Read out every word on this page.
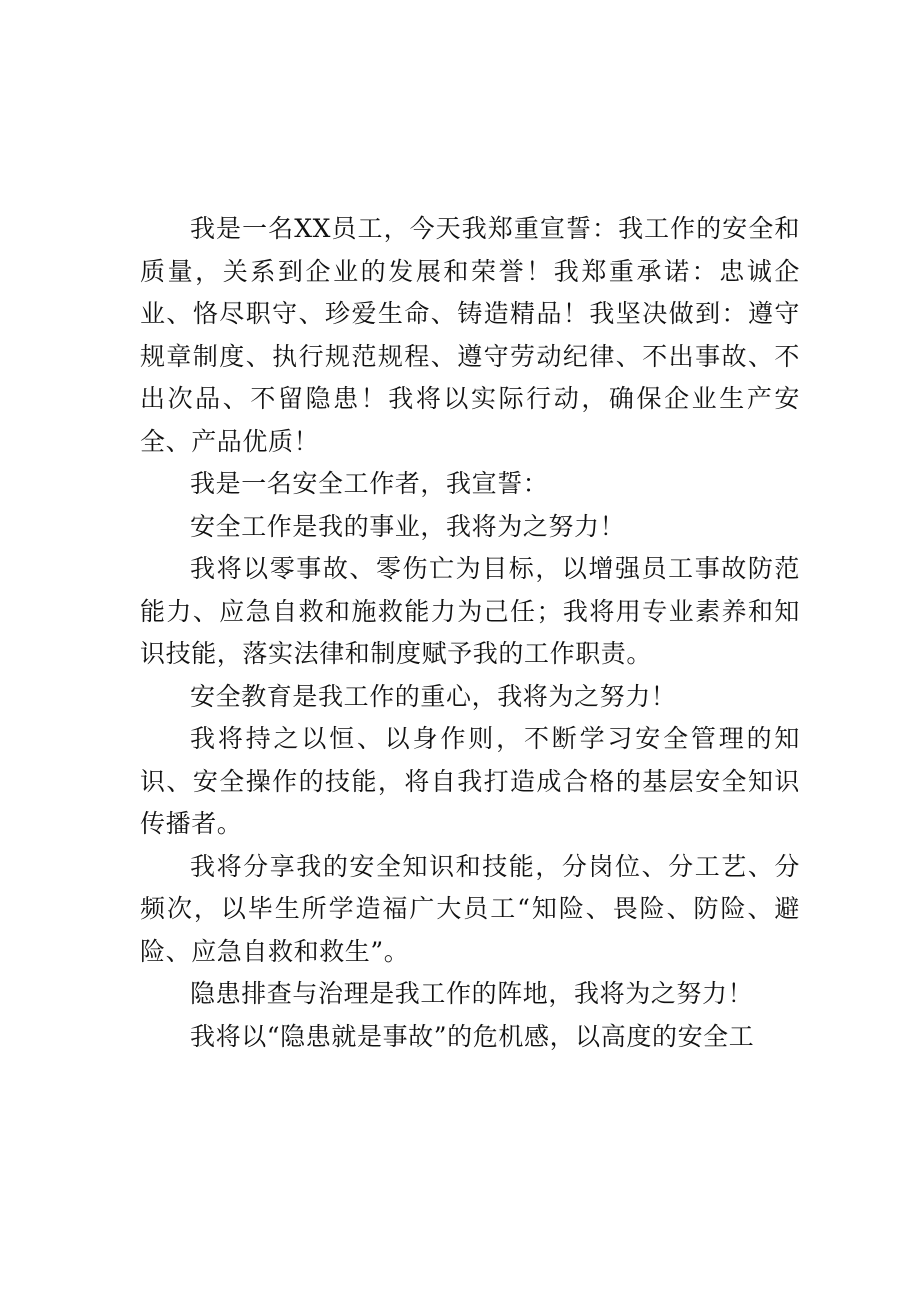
我是一名XX员工，今天我郑重宣誓：我工作的安全和质量，关系到企业的发展和荣誉！我郑重承诺：忠诚企业、恪尽职守、珍爱生命、铸造精品！我坚决做到：遵守规章制度、执行规范规程、遵守劳动纪律、不出事故、不出次品、不留隐患！我将以实际行动，确保企业生产安全、产品优质！

我是一名安全工作者，我宣誓：

安全工作是我的事业，我将为之努力！

我将以零事故、零伤亡为目标，以增强员工事故防范能力、应急自救和施救能力为己任；我将用专业素养和知识技能，落实法律和制度赋予我的工作职责。

安全教育是我工作的重心，我将为之努力！

我将持之以恒、以身作则，不断学习安全管理的知识、安全操作的技能，将自我打造成合格的基层安全知识传播者。

我将分享我的安全知识和技能，分岗位、分工艺、分频次，以毕生所学造福广大员工“知险、畏险、防险、避险、应急自救和救生”。

隐患排查与治理是我工作的阵地，我将为之努力！

我将以“隐患就是事故”的危机感，以高度的安全工
